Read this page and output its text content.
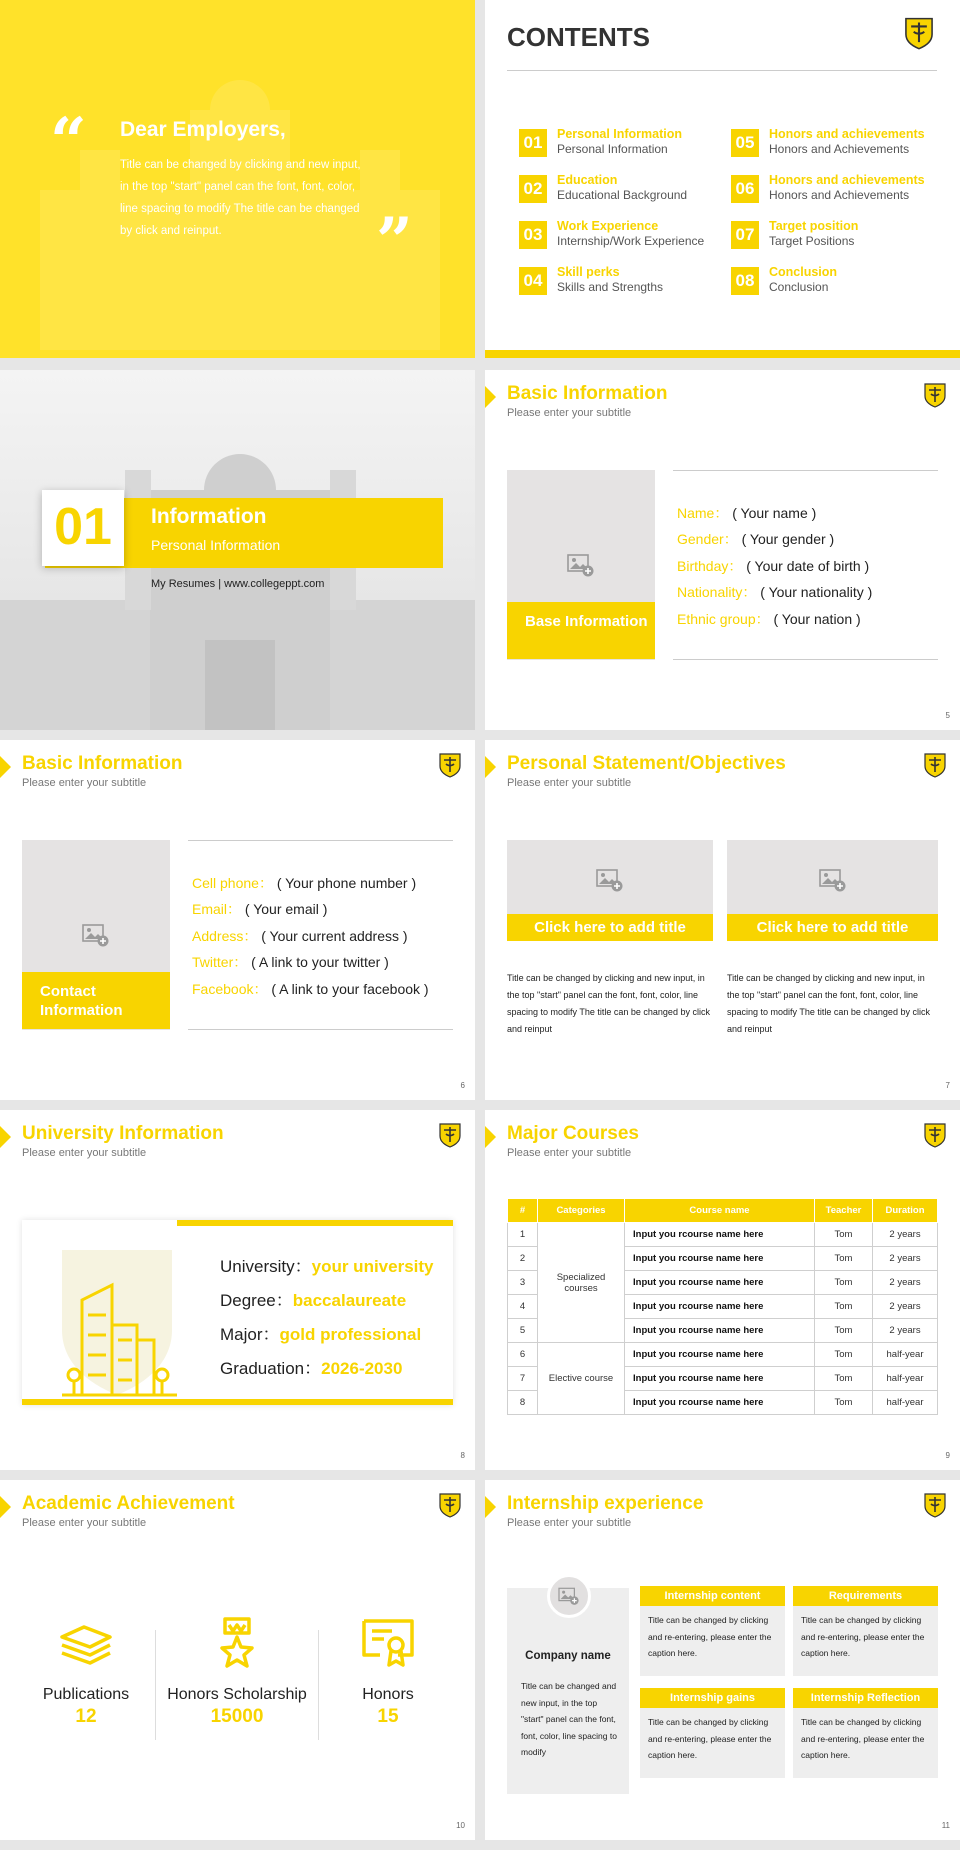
“ Dear Employers,

Title can be changed by clicking and new input, in the top "start" panel can the font, font, color, line spacing to modify The title can be changed by click and reinput.	”
CONTENTS
01	Personal Information
Personal Information
02	Education
Educational Background
03	Work Experience
Internship/Work Experience
04	Skill perks
Skills and Strengths
05	Honors and achievements
Honors and Achievements
06	Honors and achievements
Honors and Achievements
07	Target position
Target Positions
08	Conclusion
Conclusion
01	Information
Personal Information
My Resumes | www.collegeppt.com
Basic Information
Please enter your subtitle
Base Information
Name： ( Your name )
Gender： ( Your gender )
Birthday： ( Your date of birth )
Nationality： ( Your nationality )
Ethnic group： ( Your nation )
5
Basic Information
Please enter your subtitle
Contact Information
Cell phone： ( Your phone number )
Email： ( Your email )
Address： ( Your current address )
Twitter： ( A link to your twitter )
Facebook： ( A link to your facebook )
6
Personal Statement/Objectives
Please enter your subtitle
Click here to add title
Title can be changed by clicking and new input, in the top "start" panel can the font, font, color, line spacing to modify The title can be changed by click and reinput
Click here to add title
Title can be changed by clicking and new input, in the top "start" panel can the font, font, color, line spacing to modify The title can be changed by click and reinput
7
University Information
Please enter your subtitle
University：your university
Degree：baccalaureate
Major：gold professional
Graduation：2026-2030
8
Major Courses
Please enter your subtitle
#	Categories	Course name	Teacher	Duration
1	Specialized courses	Input you rcourse name here	Tom	2 years
2		Input you rcourse name here	Tom	2 years
3		Input you rcourse name here	Tom	2 years
4		Input you rcourse name here	Tom	2 years
5		Input you rcourse name here	Tom	2 years
6	Elective course	Input you rcourse name here	Tom	half-year
7		Input you rcourse name here	Tom	half-year
8		Input you rcourse name here	Tom	half-year
9
Academic Achievement
Please enter your subtitle
Publications
12
Honors Scholarship
15000
Honors
15
10
Internship experience
Please enter your subtitle
Company name
Title can be changed and new input, in the top "start" panel can the font, font, color, line spacing to modify
Internship content
Title can be changed by clicking and re-entering, please enter the caption here.
Requirements
Title can be changed by clicking and re-entering, please enter the caption here.
Internship gains
Title can be changed by clicking and re-entering, please enter the caption here.
Internship Reflection
Title can be changed by clicking and re-entering, please enter the caption here.
11
